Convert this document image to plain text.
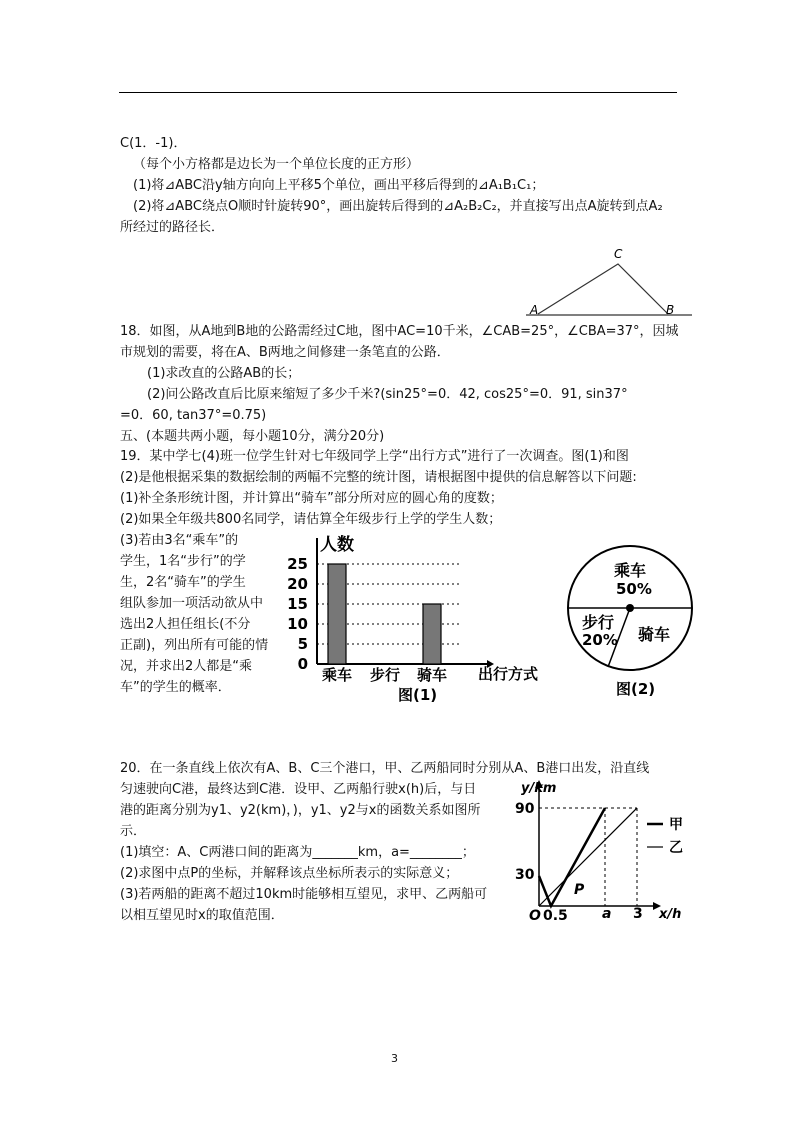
C(1．-1)．
（每个小方格都是边长为一个单位长度的正方形）
(1)将⊿ABC沿y轴方向向上平移5个单位，画出平移后得到的⊿A₁B₁C₁；
(2)将⊿ABC绕点O顺时针旋转90°，画出旋转后得到的⊿A₂B₂C₂，并直接写出点A旋转到点A₂
所经过的路径长．
18．如图，从A地到B地的公路需经过C地，图中AC=10千米，∠CAB=25°，∠CBA=37°，因城
市规划的需要，将在A、B两地之间修建一条笔直的公路．
(1)求改直的公路AB的长；
(2)问公路改直后比原来缩短了多少千米?(sin25°=0．42, cos25°=0．91, sin37°
=0．60, tan37°=0.75)
五、(本题共两小题，每小题10分，满分20分)
19．某中学七(4)班一位学生针对七年级同学上学“出行方式”进行了一次调查。图(1)和图
(2)是他根据采集的数据绘制的两幅不完整的统计图，请根据图中提供的信息解答以下问题:
(1)补全条形统计图，并计算出“骑车”部分所对应的圆心角的度数；
(2)如果全年级共800名同学，请估算全年级步行上学的学生人数；
(3)若由3名“乘车”的
学生，1名“步行”的学
生，2名“骑车”的学生
组队参加一项活动欲从中
选出2人担任组长(不分
正副)，列出所有可能的情
况，并求出2人都是“乘
车”的学生的概率．
20．在一条直线上依次有A、B、C三个港口，甲、乙两船同时分别从A、B港口出发，沿直线
匀速驶向C港，最终达到C港．设甲、乙两船行驶x(h)后，与日
港的距离分别为y1、y2(km)，)，y1、y2与x的函数关系如图所
示．
(1)填空：A、C两港口间的距离为_______km，a=________；
(2)求图中点P的坐标，并解释该点坐标所表示的实际意义；
(3)若两船的距离不超过10km时能够相互望见，求甲、乙两船可
以相互望见时x的取值范围．
A
C
B
人数
0
5
10
15
20
25
乘车 步行 骑车 出行方式
图(1)
乘车
50%
步行
20% 骑车
图(2)
y/km
x/h
O
90
30
0.5 a 3
P
甲
乙
3
